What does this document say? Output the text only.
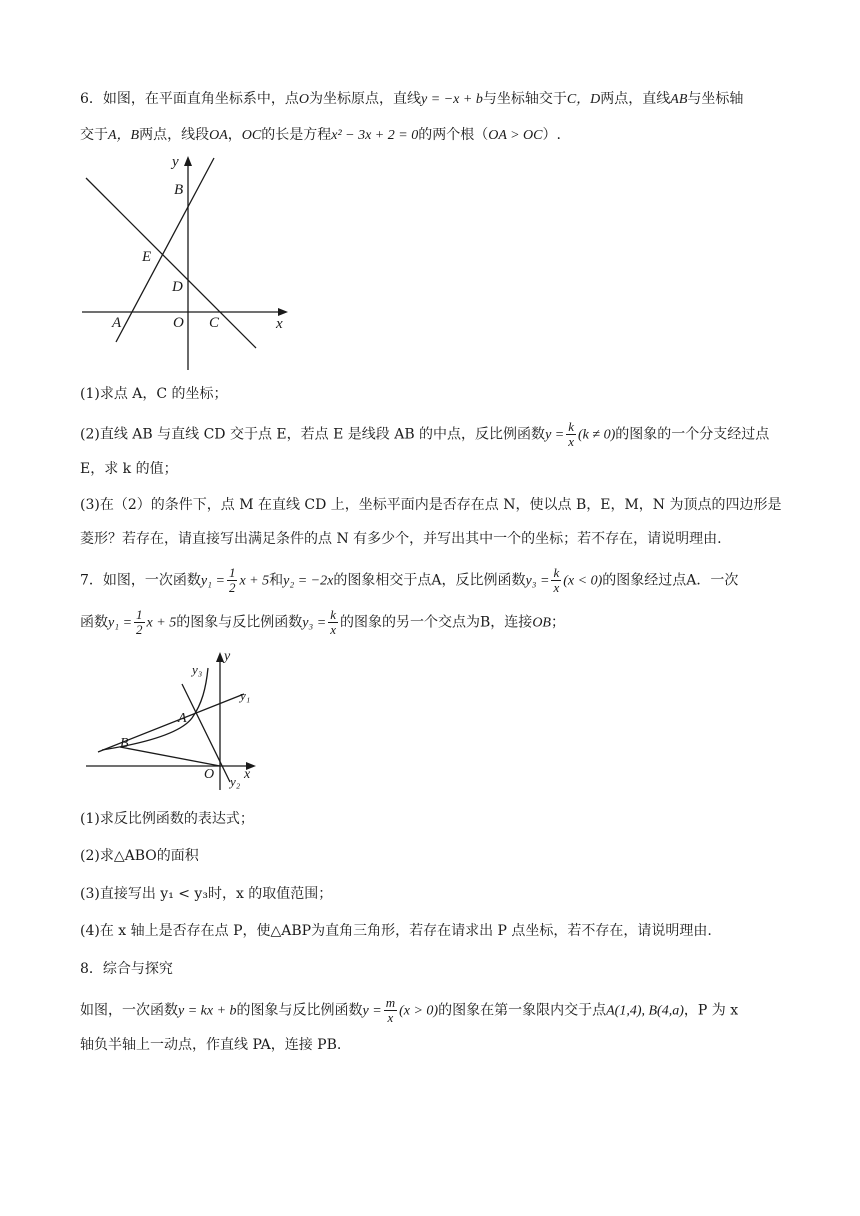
6．如图，在平面直角坐标系中，点O为坐标原点，直线y = −x + b与坐标轴交于C，D两点，直线AB与坐标轴
交于A，B两点，线段OA，OC的长是方程x² − 3x + 2 = 0的两个根（OA > OC）.
y
B
E
D
A	O C	x
(1)求点 A，C 的坐标；
(2)直线 AB 与直线 CD 交于点 E，若点 E 是线段 AB 的中点，反比例函数$y = \frac{k}{x} (k \ne 0)$的图象的一个分支经过点
E，求 k 的值；
(3)在（2）的条件下，点 M 在直线 CD 上，坐标平面内是否存在点 N，使以点 B，E，M，N 为顶点的四边形是
菱形？若存在，请直接写出满足条件的点 N 有多少个，并写出其中一个的坐标；若不存在，请说明理由.
7．如图，一次函数$y_1 = \frac{1}{2}$ x + 5和y₂ = −2x的图象相交于点A，反比例函数$y_3 = \frac{k}{x} (x < 0)$的图象经过点A．一次
函数$y_1 = \frac{1}{2}$ x + 5的图象与反比例函数$y_3 = \frac{k}{x}$ 的图象的另一个交点为B，连接OB；
y
y₃
y₁
A
B
O x
y₂
(1)求反比例函数的表达式；
(2)求△ABO的面积
(3)直接写出 y₁ < y₃时，x 的取值范围；
(4)在 x 轴上是否存在点 P，使△ABP为直角三角形，若存在请求出 P 点坐标，若不存在，请说明理由.
8．综合与探究
如图，一次函数y = kx + b的图象与反比例函数$y = \frac{m}{x} (x > 0)$的图象在第一象限内交于点A(1,4), B(4,a)，P 为 x
轴负半轴上一动点，作直线 PA，连接 PB.
